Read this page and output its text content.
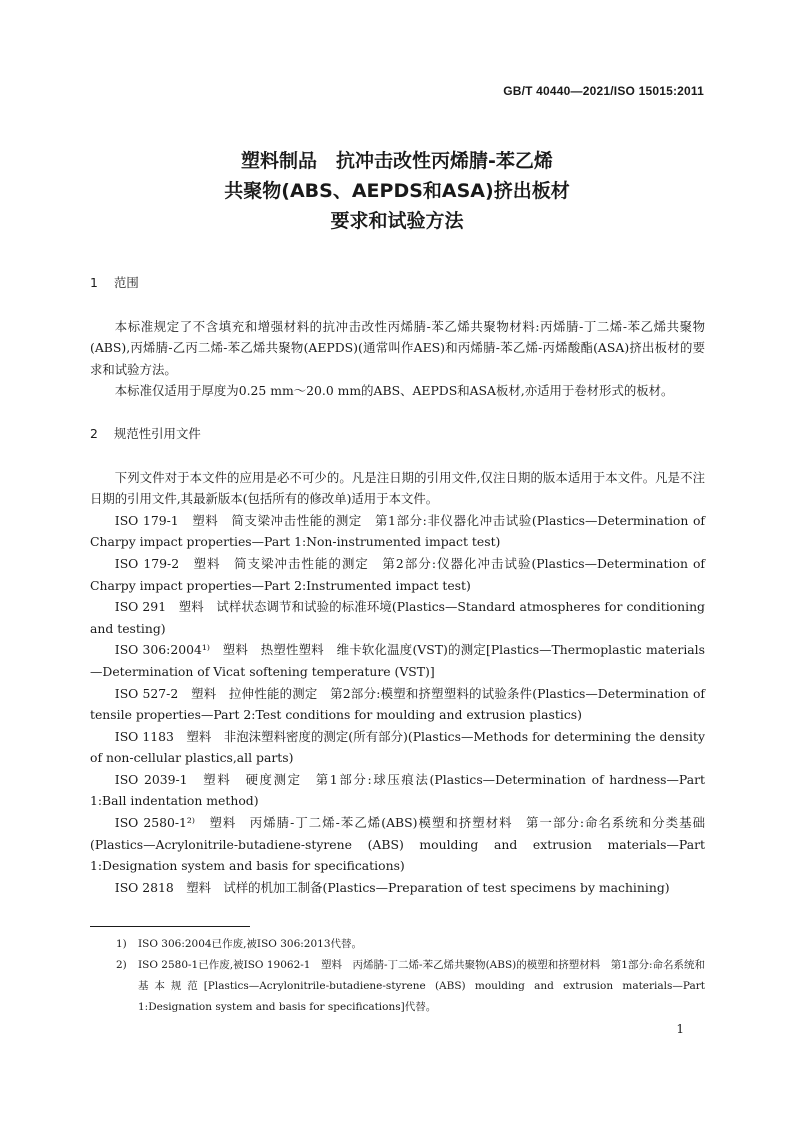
GB/T 40440—2021/ISO 15015:2011
塑料制品　抗冲击改性丙烯腈-苯乙烯
共聚物(ABS、AEPDS和ASA)挤出板材
要求和试验方法
1 范围

本标准规定了不含填充和增强材料的抗冲击改性丙烯腈-苯乙烯共聚物材料:丙烯腈-丁二烯-苯乙烯共聚物(ABS),丙烯腈-乙丙二烯-苯乙烯共聚物(AEPDS)(通常叫作AES)和丙烯腈-苯乙烯-丙烯酸酯(ASA)挤出板材的要求和试验方法。

本标准仅适用于厚度为0.25 mm～20.0 mm的ABS、AEPDS和ASA板材,亦适用于卷材形式的板材。

2 规范性引用文件

下列文件对于本文件的应用是必不可少的。凡是注日期的引用文件,仅注日期的版本适用于本文件。凡是不注日期的引用文件,其最新版本(包括所有的修改单)适用于本文件。

ISO 179-1　塑料　简支梁冲击性能的测定　第1部分:非仪器化冲击试验(Plastics—Determination of Charpy impact properties—Part 1:Non-instrumented impact test)

ISO 179-2　塑料　简支梁冲击性能的测定　第2部分:仪器化冲击试验(Plastics—Determination of Charpy impact properties—Part 2:Instrumented impact test)

ISO 291　塑料　试样状态调节和试验的标准环境(Plastics—Standard atmospheres for conditioning and testing)

ISO 306:2004¹⁾　塑料　热塑性塑料　维卡软化温度(VST)的测定[Plastics—Thermoplastic materials—Determination of Vicat softening temperature (VST)]

ISO 527-2　塑料　拉伸性能的测定　第2部分:模塑和挤塑塑料的试验条件(Plastics—Determination of tensile properties—Part 2:Test conditions for moulding and extrusion plastics)

ISO 1183　塑料　非泡沫塑料密度的测定(所有部分)(Plastics—Methods for determining the density of non-cellular plastics,all parts)

ISO 2039-1　塑料　硬度测定　第1部分:球压痕法(Plastics—Determination of hardness—Part 1:Ball indentation method)

ISO 2580-1²⁾　塑料　丙烯腈-丁二烯-苯乙烯(ABS)模塑和挤塑材料　第一部分:命名系统和分类基础(Plastics—Acrylonitrile-butadiene-styrene (ABS) moulding and extrusion materials—Part 1:Designation system and basis for specifications)

ISO 2818　塑料　试样的机加工制备(Plastics—Preparation of test specimens by machining)

1) ISO 306:2004已作废,被ISO 306:2013代替。
2) ISO 2580-1已作废,被ISO 19062-1　塑料　丙烯腈-丁二烯-苯乙烯共聚物(ABS)的模塑和挤塑材料　第1部分:命名系统和基本规范[Plastics—Acrylonitrile-butadiene-styrene (ABS) moulding and extrusion materials—Part 1:Designation system and basis for specifications]代替。
1
